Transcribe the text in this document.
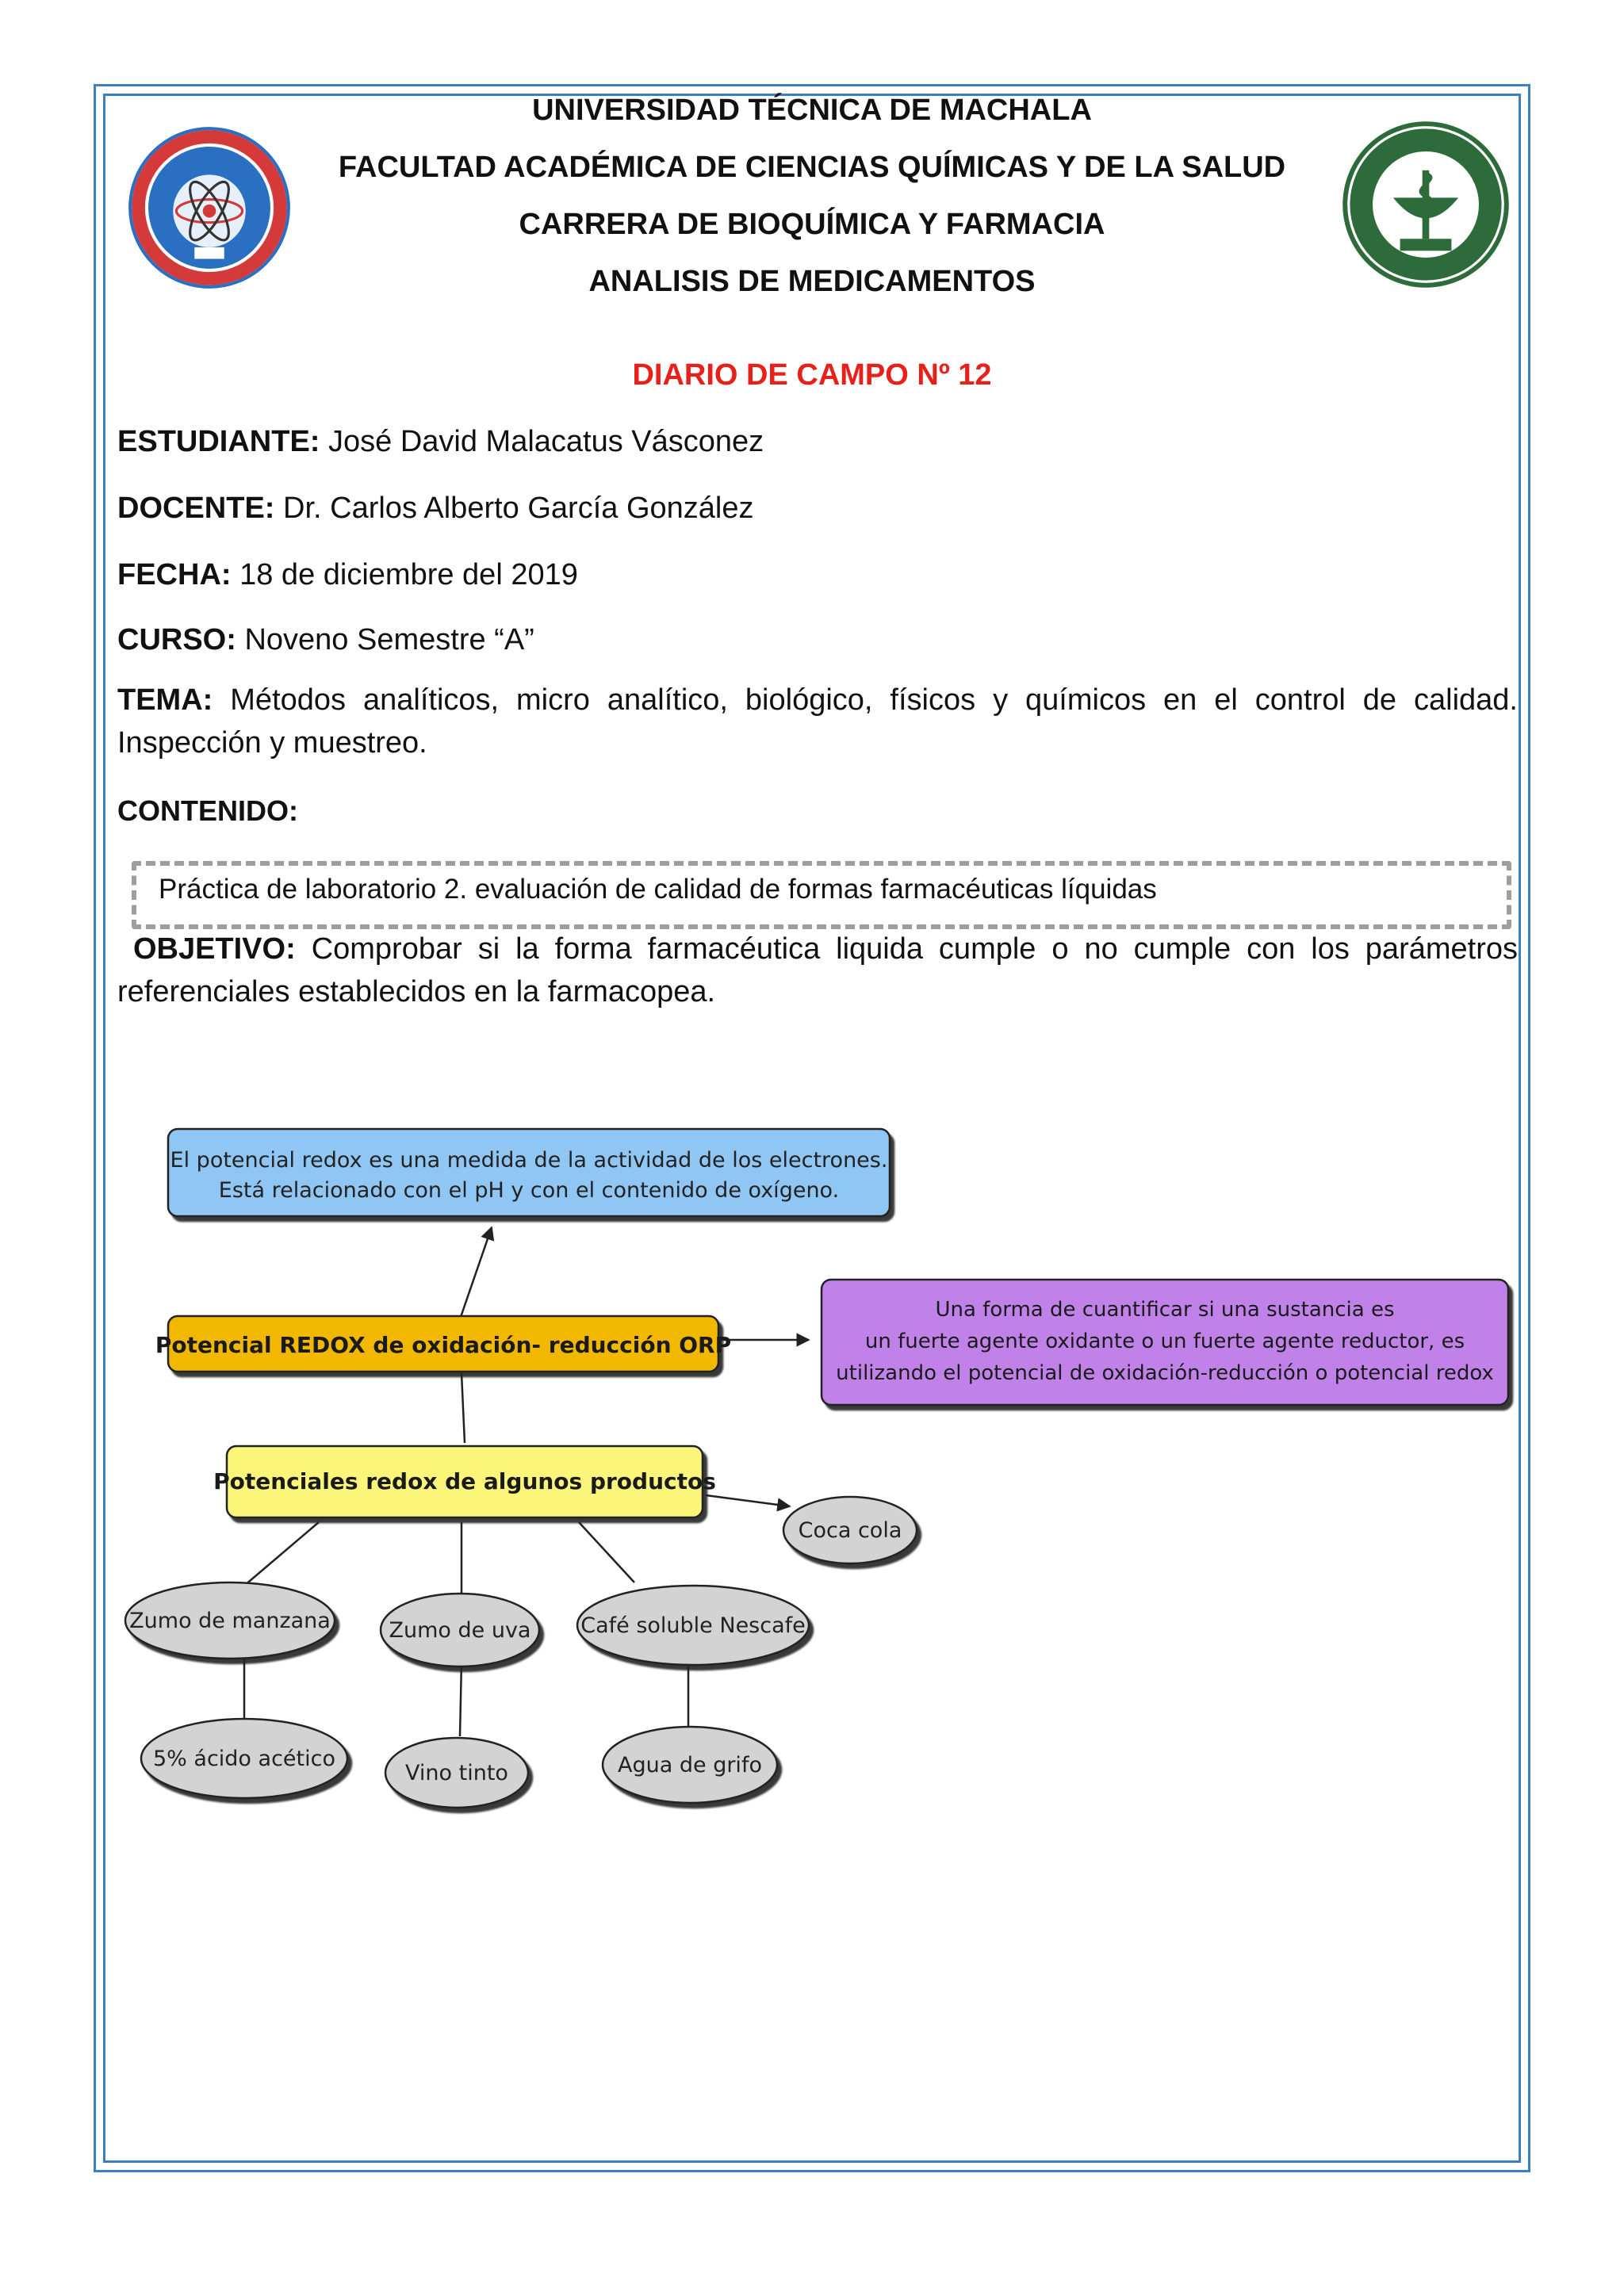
UNIVERSIDAD TÉCNICA DE MACHALA
FACULTAD ACADÉMICA DE CIENCIAS QUÍMICAS Y DE LA SALUD
CARRERA DE BIOQUÍMICA Y FARMACIA
ANALISIS DE MEDICAMENTOS
DIARIO DE CAMPO Nº 12
ESTUDIANTE: José David Malacatus Vásconez
DOCENTE: Dr. Carlos Alberto García González
FECHA: 18 de diciembre del 2019
CURSO: Noveno Semestre “A”
TEMA: Métodos analíticos, micro analítico, biológico, físicos y químicos en el control de calidad. Inspección y muestreo.
CONTENIDO:
Práctica de laboratorio 2. evaluación de calidad de formas farmacéuticas líquidas
OBJETIVO: Comprobar si la forma farmacéutica liquida cumple o no cumple con los parámetros referenciales establecidos en la farmacopea.
El potencial redox es una medida de la actividad de los electrones.
Está relacionado con el pH y con el contenido de oxígeno.
Potencial REDOX de oxidación- reducción ORP
Una forma de cuantificar si una sustancia es
un fuerte agente oxidante o un fuerte agente reductor, es
utilizando el potencial de oxidación-reducción o potencial redox
Potenciales redox de algunos productos
Zumo de manzana	Zumo de uva Café soluble Nescafe
Coca cola
5% ácido acético
Vino tinto	Agua de grifo
